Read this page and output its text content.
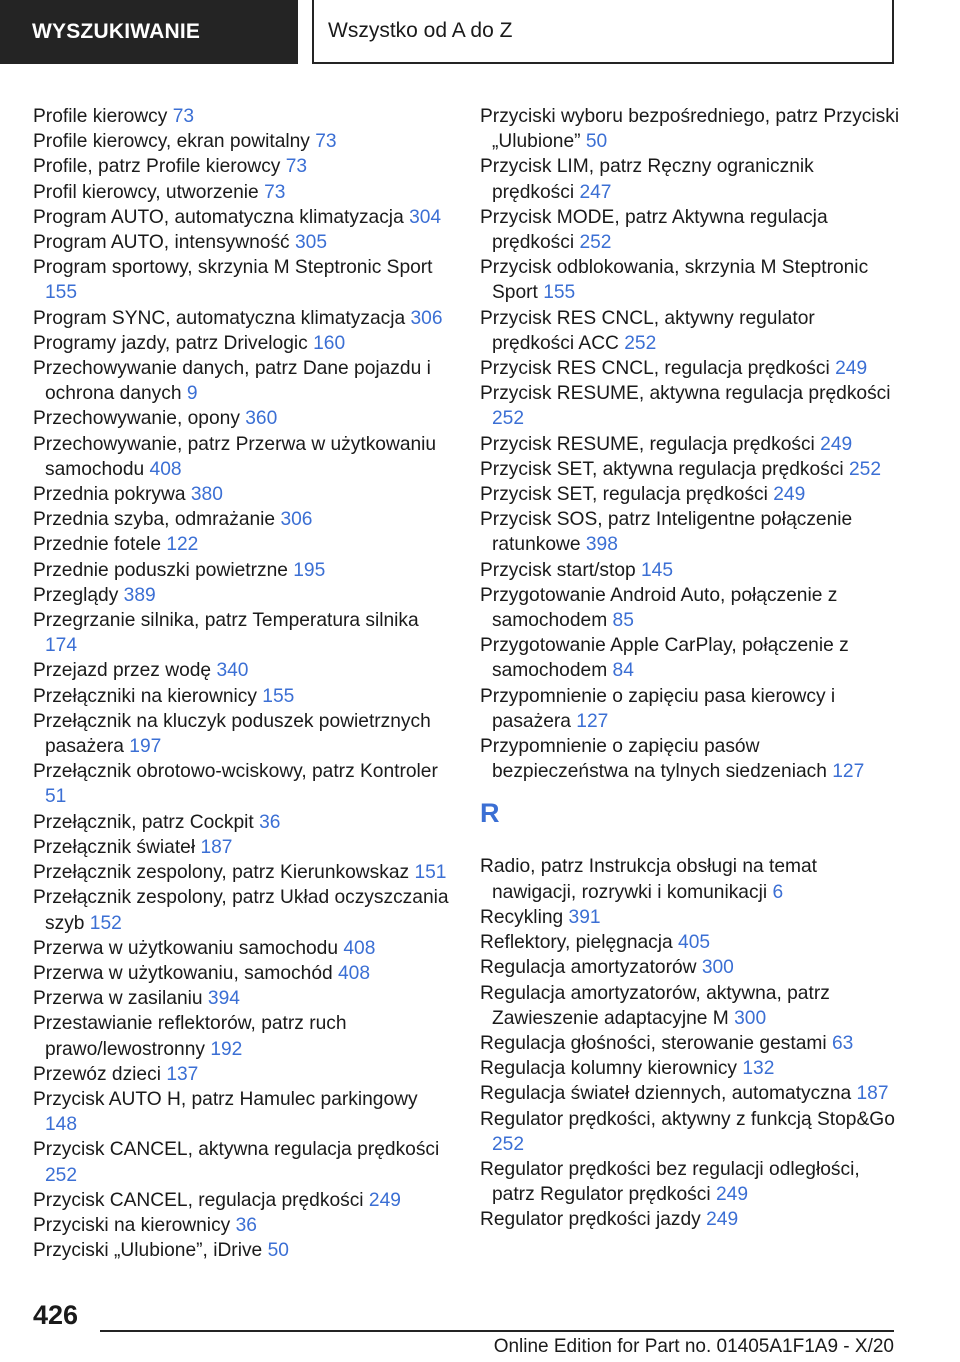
WYSZUKIWANIE	Wszystko od A do Z

Profile kierowcy 73

Profile kierowcy, ekran powitalny 73

Profile, patrz Profile kierowcy 73

Profil kierowcy, utworzenie 73

Program AUTO, automatyczna klimatyzacja 304

Program AUTO, intensywność 305

Program sportowy, skrzynia M Steptronic Sport 155

Program SYNC, automatyczna klimatyzacja 306

Programy jazdy, patrz Drivelogic 160

Przechowywanie danych, patrz Dane pojazdu i ochrona danych 9

Przechowywanie, opony 360

Przechowywanie, patrz Przerwa w użytkowaniu samochodu 408

Przednia pokrywa 380

Przednia szyba, odmrażanie 306

Przednie fotele 122

Przednie poduszki powietrzne 195

Przeglądy 389

Przegrzanie silnika, patrz Temperatura silnika 174

Przejazd przez wodę 340

Przełączniki na kierownicy 155

Przełącznik na kluczyk poduszek powietrznych pasażera 197

Przełącznik obrotowo-wciskowy, patrz Kontroler 51

Przełącznik, patrz Cockpit 36

Przełącznik świateł 187

Przełącznik zespolony, patrz Kierunkowskaz 151

Przełącznik zespolony, patrz Układ oczyszczania szyb 152

Przerwa w użytkowaniu samochodu 408

Przerwa w użytkowaniu, samochód 408

Przerwa w zasilaniu 394

Przestawianie reflektorów, patrz ruch prawo/lewostronny 192

Przewóz dzieci 137

Przycisk AUTO H, patrz Hamulec parkingowy 148

Przycisk CANCEL, aktywna regulacja prędkości 252

Przycisk CANCEL, regulacja prędkości 249

Przyciski na kierownicy 36

Przyciski „Ulubione”, iDrive 50

Przyciski wyboru bezpośredniego, patrz Przyciski „Ulubione” 50

Przycisk LIM, patrz Ręczny ogranicznik prędkości 247

Przycisk MODE, patrz Aktywna regulacja prędkości 252

Przycisk odblokowania, skrzynia M Steptronic Sport 155

Przycisk RES CNCL, aktywny regulator prędkości ACC 252

Przycisk RES CNCL, regulacja prędkości 249

Przycisk RESUME, aktywna regulacja prędkości 252

Przycisk RESUME, regulacja prędkości 249

Przycisk SET, aktywna regulacja prędkości 252

Przycisk SET, regulacja prędkości 249

Przycisk SOS, patrz Inteligentne połączenie ratunkowe 398

Przycisk start/stop 145

Przygotowanie Android Auto, połączenie z samochodem 85

Przygotowanie Apple CarPlay, połączenie z samochodem 84

Przypomnienie o zapięciu pasa kierowcy i pasażera 127

Przypomnienie o zapięciu pasów bezpieczeństwa na tylnych siedzeniach 127

R

Radio, patrz Instrukcja obsługi na temat nawigacji, rozrywki i komunikacji 6

Recykling 391

Reflektory, pielęgnacja 405

Regulacja amortyzatorów 300

Regulacja amortyzatorów, aktywna, patrz Zawieszenie adaptacyjne M 300

Regulacja głośności, sterowanie gestami 63

Regulacja kolumny kierownicy 132

Regulacja świateł dziennych, automatyczna 187

Regulator prędkości, aktywny z funkcją Stop&Go 252

Regulator prędkości bez regulacji odległości, patrz Regulator prędkości 249

Regulator prędkości jazdy 249

426
Online Edition for Part no. 01405A1F1A9 - X/20
